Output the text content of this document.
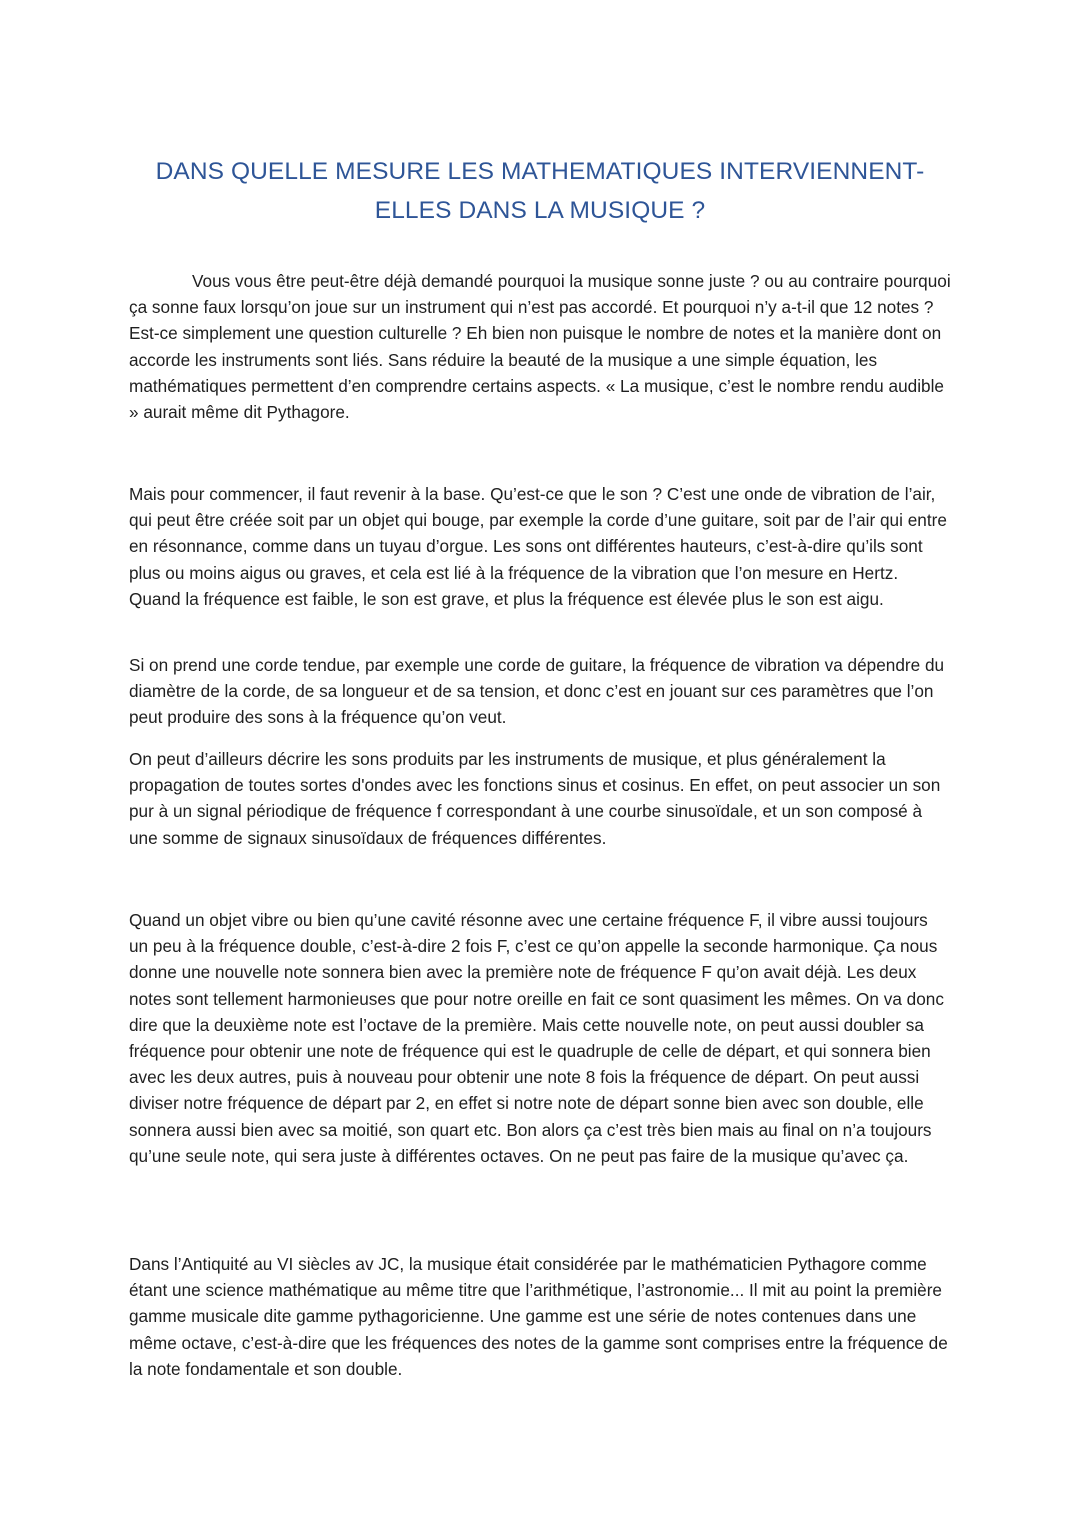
DANS QUELLE MESURE LES MATHEMATIQUES INTERVIENNENT-ELLES DANS LA MUSIQUE ?

Vous vous être peut-être déjà demandé pourquoi la musique sonne juste ? ou au contraire pourquoi ça sonne faux lorsqu’on joue sur un instrument qui n’est pas accordé. Et pourquoi n’y a-t-il que 12 notes ? Est-ce simplement une question culturelle ? Eh bien non puisque le nombre de notes et la manière dont on accorde les instruments sont liés. Sans réduire la beauté de la musique a une simple équation, les mathématiques permettent d’en comprendre certains aspects. « La musique, c’est le nombre rendu audible » aurait même dit Pythagore.

Mais pour commencer, il faut revenir à la base. Qu’est-ce que le son ? C’est une onde de vibration de l’air, qui peut être créée soit par un objet qui bouge, par exemple la corde d’une guitare, soit par de l’air qui entre en résonnance, comme dans un tuyau d’orgue. Les sons ont différentes hauteurs, c’est-à-dire qu’ils sont plus ou moins aigus ou graves, et cela est lié à la fréquence de la vibration que l’on mesure en Hertz. Quand la fréquence est faible, le son est grave, et plus la fréquence est élevée plus le son est aigu.

Si on prend une corde tendue, par exemple une corde de guitare, la fréquence de vibration va dépendre du diamètre de la corde, de sa longueur et de sa tension, et donc c’est en jouant sur ces paramètres que l’on peut produire des sons à la fréquence qu’on veut.

On peut d’ailleurs décrire les sons produits par les instruments de musique, et plus généralement la propagation de toutes sortes d'ondes avec les fonctions sinus et cosinus. En effet, on peut associer un son pur à un signal périodique de fréquence f correspondant à une courbe sinusoïdale, et un son composé à une somme de signaux sinusoïdaux de fréquences différentes.

Quand un objet vibre ou bien qu’une cavité résonne avec une certaine fréquence F, il vibre aussi toujours un peu à la fréquence double, c’est-à-dire 2 fois F, c’est ce qu’on appelle la seconde harmonique. Ça nous donne une nouvelle note sonnera bien avec la première note de fréquence F qu’on avait déjà. Les deux notes sont tellement harmonieuses que pour notre oreille en fait ce sont quasiment les mêmes. On va donc dire que la deuxième note est l’octave de la première. Mais cette nouvelle note, on peut aussi doubler sa fréquence pour obtenir une note de fréquence qui est le quadruple de celle de départ, et qui sonnera bien avec les deux autres, puis à nouveau pour obtenir une note 8 fois la fréquence de départ. On peut aussi diviser notre fréquence de départ par 2, en effet si notre note de départ sonne bien avec son double, elle sonnera aussi bien avec sa moitié, son quart etc. Bon alors ça c’est très bien mais au final on n’a toujours qu’une seule note, qui sera juste à différentes octaves. On ne peut pas faire de la musique qu’avec ça.

Dans l’Antiquité au VI siècles av JC, la musique était considérée par le mathématicien Pythagore comme étant une science mathématique au même titre que l’arithmétique, l’astronomie... Il mit au point la première gamme musicale dite gamme pythagoricienne. Une gamme est une série de notes contenues dans une même octave, c’est-à-dire que les fréquences des notes de la gamme sont comprises entre la fréquence de la note fondamentale et son double.
